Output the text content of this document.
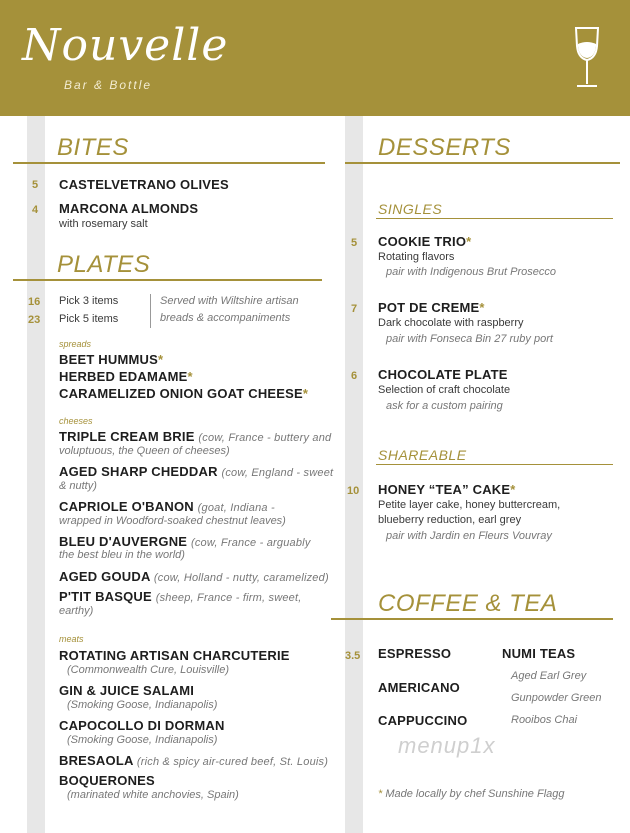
Nouvelle
Bar & Bottle
BITES
5 CASTELVETRANO OLIVES
4 MARCONA ALMONDS
with rosemary salt
PLATES
16 Pick 3 items
23 Pick 5 items
Served with Wiltshire artisan
breads & accompaniments
spreads
BEET HUMMUS*
HERBED EDAMAME*
CARAMELIZED ONION GOAT CHEESE*
cheeses
TRIPLE CREAM BRIE (cow, France - buttery and
voluptuous, the Queen of cheeses)
AGED SHARP CHEDDAR (cow, England - sweet
& nutty)
CAPRIOLE O'BANON (goat, Indiana -
wrapped in Woodford-soaked chestnut leaves)
BLEU D'AUVERGNE (cow, France - arguably
the best bleu in the world)
AGED GOUDA (cow, Holland - nutty, caramelized)
P'TIT BASQUE (sheep, France - firm, sweet,
earthy)
meats
ROTATING ARTISAN CHARCUTERIE
(Commonwealth Cure, Louisville)
GIN & JUICE SALAMI
(Smoking Goose, Indianapolis)
CAPOCOLLO DI DORMAN
(Smoking Goose, Indianapolis)
BRESAOLA (rich & spicy air-cured beef, St. Louis)
BOQUERONES
(marinated white anchovies, Spain)
DESSERTS
SINGLES
5 COOKIE TRIO*
Rotating flavors
pair with Indigenous Brut Prosecco
7 POT DE CREME*
Dark chocolate with raspberry
pair with Fonseca Bin 27 ruby port
6 CHOCOLATE PLATE
Selection of craft chocolate
ask for a custom pairing
SHAREABLE
10 HONEY “TEA” CAKE*
Petite layer cake, honey buttercream,
blueberry reduction, earl grey
pair with Jardin en Fleurs Vouvray
COFFEE & TEA
3.5 ESPRESSO
AMERICANO
CAPPUCCINO
NUMI TEAS
Aged Earl Grey
Gunpowder Green
Rooibos Chai
menup1x
* Made locally by chef Sunshine Flagg
